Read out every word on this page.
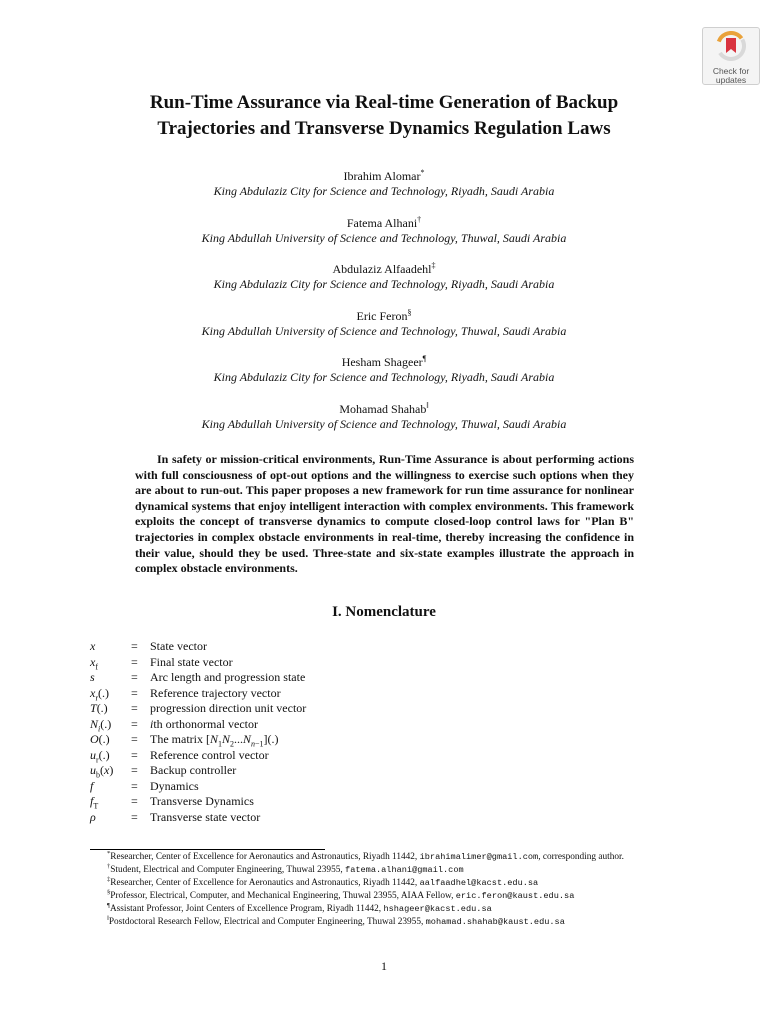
Check for
updates
Run-Time Assurance via Real-time Generation of Backup
Trajectories and Transverse Dynamics Regulation Laws
Ibrahim Alomar*
King Abdulaziz City for Science and Technology, Riyadh, Saudi Arabia
Fatema Alhani†
King Abdullah University of Science and Technology, Thuwal, Saudi Arabia
Abdulaziz Alfaadehl‡
King Abdulaziz City for Science and Technology, Riyadh, Saudi Arabia
Eric Feron§
King Abdullah University of Science and Technology, Thuwal, Saudi Arabia
Hesham Shageer¶
King Abdulaziz City for Science and Technology, Riyadh, Saudi Arabia
Mohamad Shahab‖
King Abdullah University of Science and Technology, Thuwal, Saudi Arabia
In safety or mission-critical environments, Run-Time Assurance is about performing actions with full consciousness of opt-out options and the willingness to exercise such options when they are about to run-out. This paper proposes a new framework for run time assurance for nonlinear dynamical systems that enjoy intelligent interaction with complex environments. This framework exploits the concept of transverse dynamics to compute closed-loop control laws for "Plan B" trajectories in complex obstacle environments in real-time, thereby increasing the confidence in their value, should they be used. Three-state and six-state examples illustrate the approach in complex obstacle environments.
I. Nomenclature
x	= State vector
$x_f$	= Final state vector
s	= Arc length and progression state
$x_r(.)$	= Reference trajectory vector
T(.)	= progression direction unit vector
$N_i(.)$	= ith orthonormal vector
O(.)	= The matrix $[N_1N_2...N_{n-1}](.)$
$u_r(.)$	= Reference control vector
$u_b(x)$	= Backup controller
f	= Dynamics
$f_T$	= Transverse Dynamics
ρ	= Transverse state vector
*Researcher, Center of Excellence for Aeronautics and Astronautics, Riyadh 11442, ibrahimalimer@gmail.com, corresponding author.
†Student, Electrical and Computer Engineering, Thuwal 23955, fatema.alhani@gmail.com
‡Researcher, Center of Excellence for Aeronautics and Astronautics, Riyadh 11442, aalfaadhel@kacst.edu.sa
§Professor, Electrical, Computer, and Mechanical Engineering, Thuwal 23955, AIAA Fellow, eric.feron@kaust.edu.sa
¶Assistant Professor, Joint Centers of Excellence Program, Riyadh 11442, hshageer@kacst.edu.sa
‖Postdoctoral Research Fellow, Electrical and Computer Engineering, Thuwal 23955, mohamad.shahab@kaust.edu.sa
1
